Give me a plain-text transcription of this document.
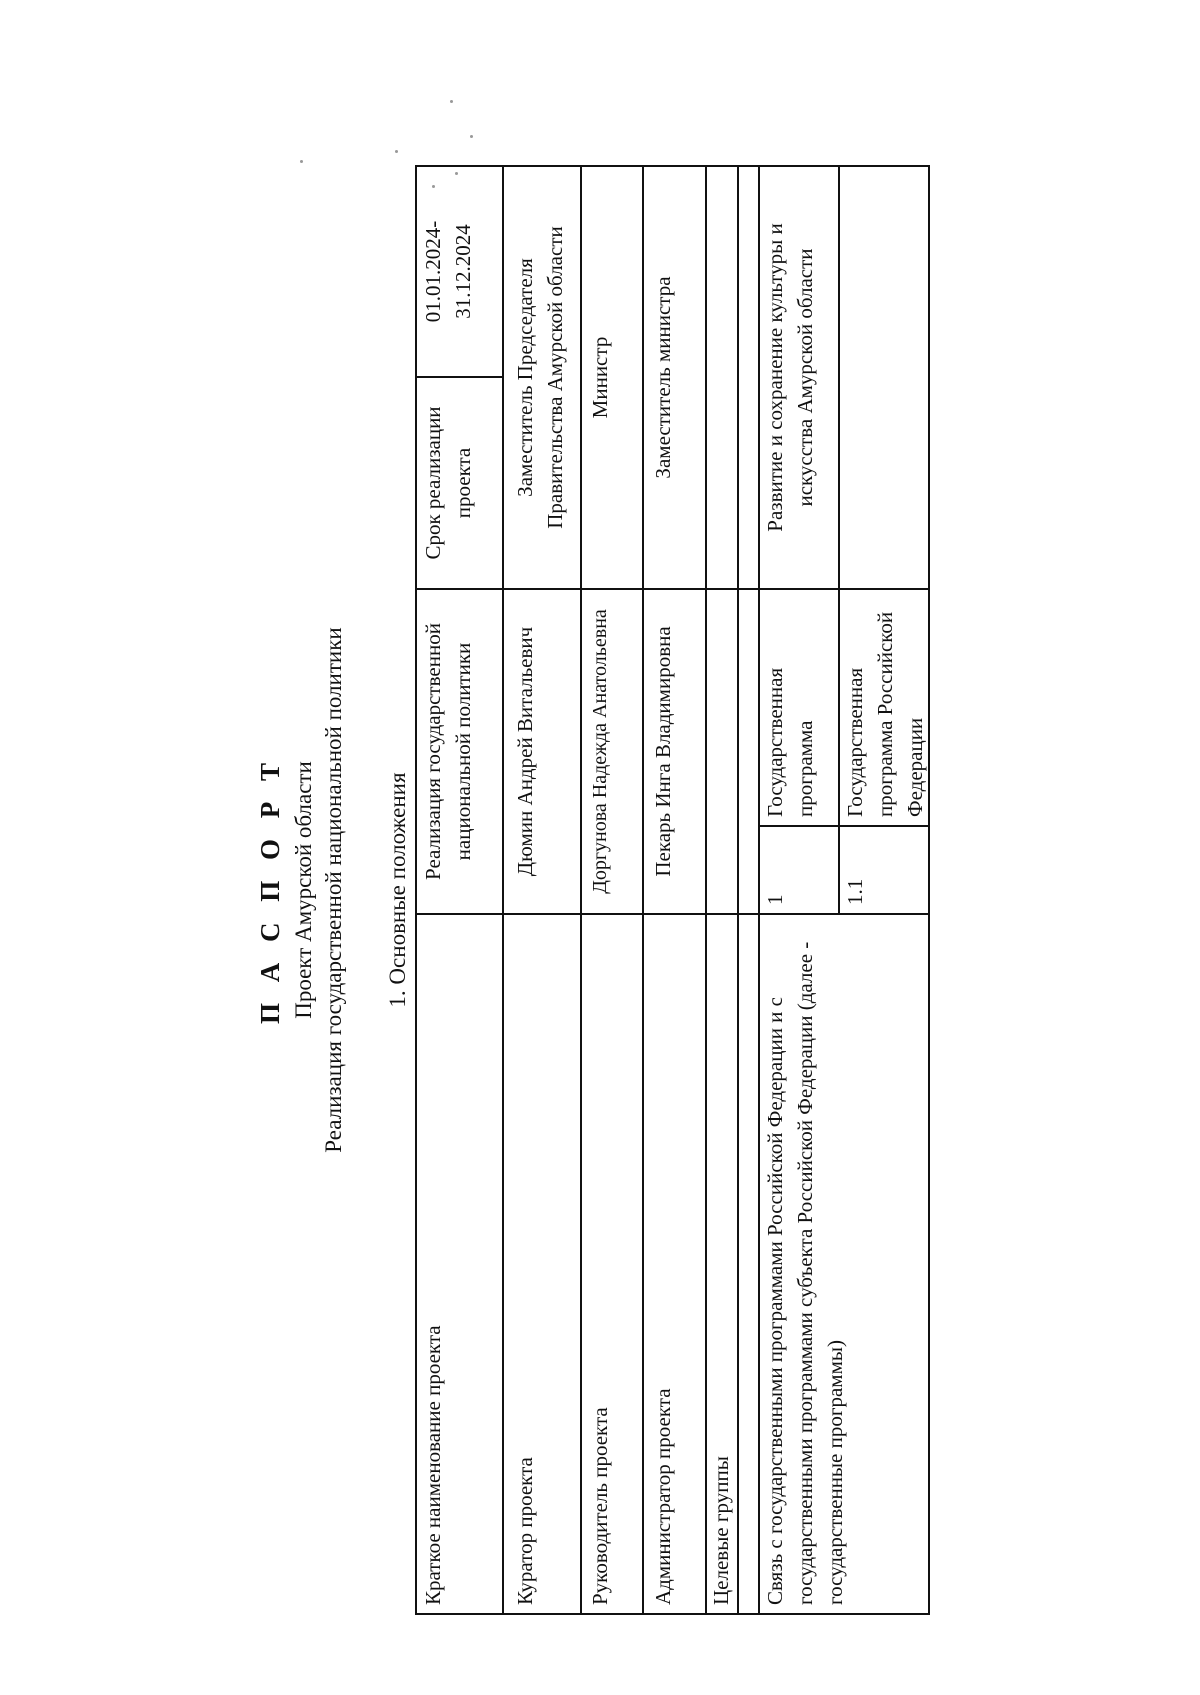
П А С П О Р Т Проект Амурской области Реализация государственной национальной политики 1. Основные положения
Краткое наименование проекта
Реализация государственной национальной политики
Срок реализации проекта
01.01.2024-31.12.2024
Куратор проекта
Дюмин Андрей Витальевич
Заместитель Председателя Правительства Амурской области
Руководитель проекта
Доргунова Надежда Анатольевна
Министр
Администратор проекта
Пекарь Инга Владимировна
Заместитель министра
Целевые группы Связь с государственными программами Российской Федерации и с государственными программами субъекта Российской Федерации (далее - государственные программы)
1
Государственная программа
Развитие и сохранение культуры и искусства Амурской области
1.1
Государственная программа Российской Федерации
